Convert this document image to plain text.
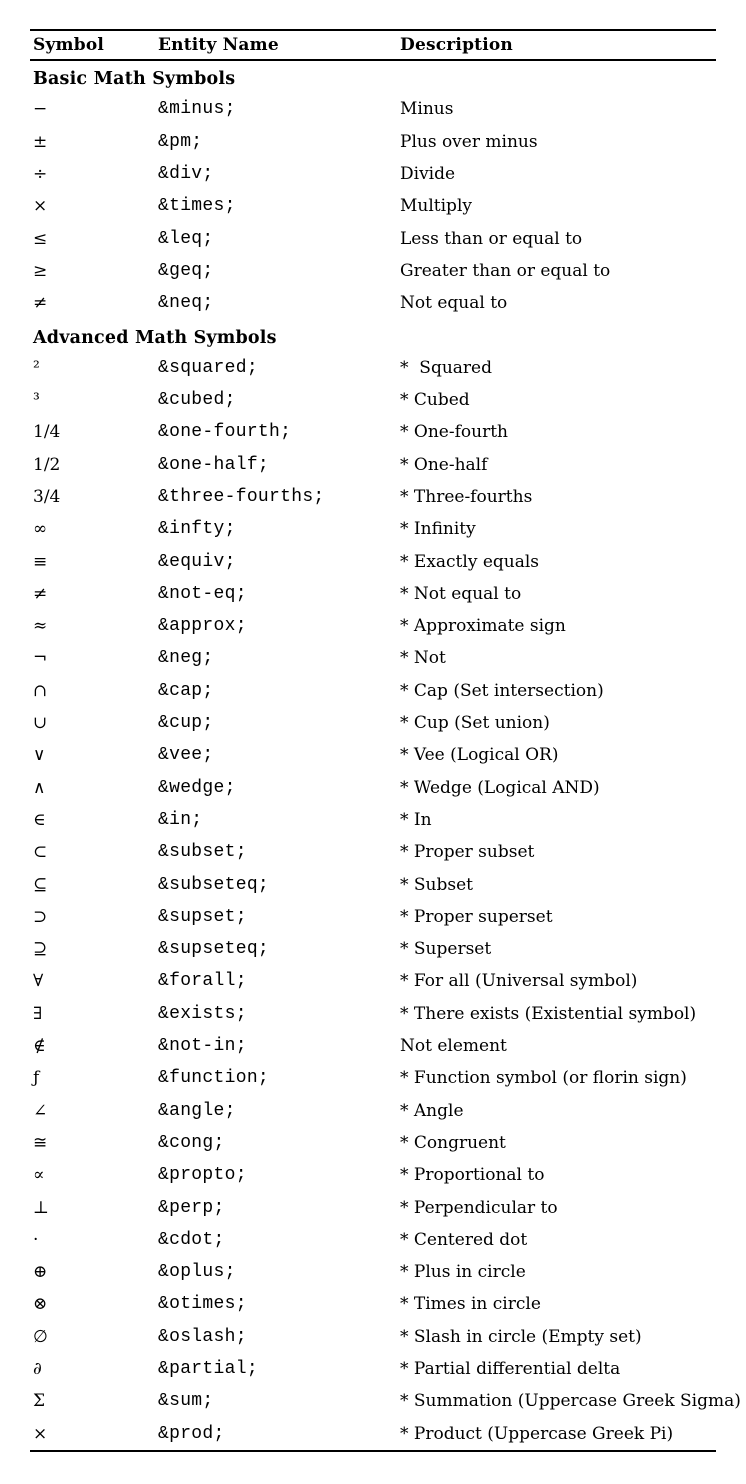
Symbol	Entity Name	Description
Basic Math Symbols
−	&minus;	Minus
±	&pm;	Plus over minus
÷	&div;	Divide
×	&times;	Multiply
≤	&leq;	Less than or equal to
≥	&geq;	Greater than or equal to
≠	&neq;	Not equal to
Advanced Math Symbols
²	&squared;	*  Squared
³	&cubed;	* Cubed
1/4	&one-fourth;	* One-fourth
1/2	&one-half;	* One-half
3/4	&three-fourths;	* Three-fourths
∞	&infty;	* Infinity
≡	&equiv;	* Exactly equals
≠	&not-eq;	* Not equal to
≈	&approx;	* Approximate sign
¬	&neg;	* Not
∩	&cap;	* Cap (Set intersection)
∪	&cup;	* Cup (Set union)
∨	&vee;	* Vee (Logical OR)
∧	&wedge;	* Wedge (Logical AND)
∈	&in;	* In
⊂	&subset;	* Proper subset
⊆	&subseteq;	* Subset
⊃	&supset;	* Proper superset
⊇	&supseteq;	* Superset
∀	&forall;	* For all (Universal symbol)
∃	&exists;	* There exists (Existential symbol)
∉	&not-in;	Not element
ƒ	&function;	* Function symbol (or florin sign)
∠	&angle;	* Angle
≅	&cong;	* Congruent
∝	&propto;	* Proportional to
⊥	&perp;	* Perpendicular to
·	&cdot;	* Centered dot
⊕	&oplus;	* Plus in circle
⊗	&otimes;	* Times in circle
∅	&oslash;	* Slash in circle (Empty set)
∂	&partial;	* Partial differential delta
Σ	&sum;	* Summation (Uppercase Greek Sigma)
×	&prod;	* Product (Uppercase Greek Pi)
